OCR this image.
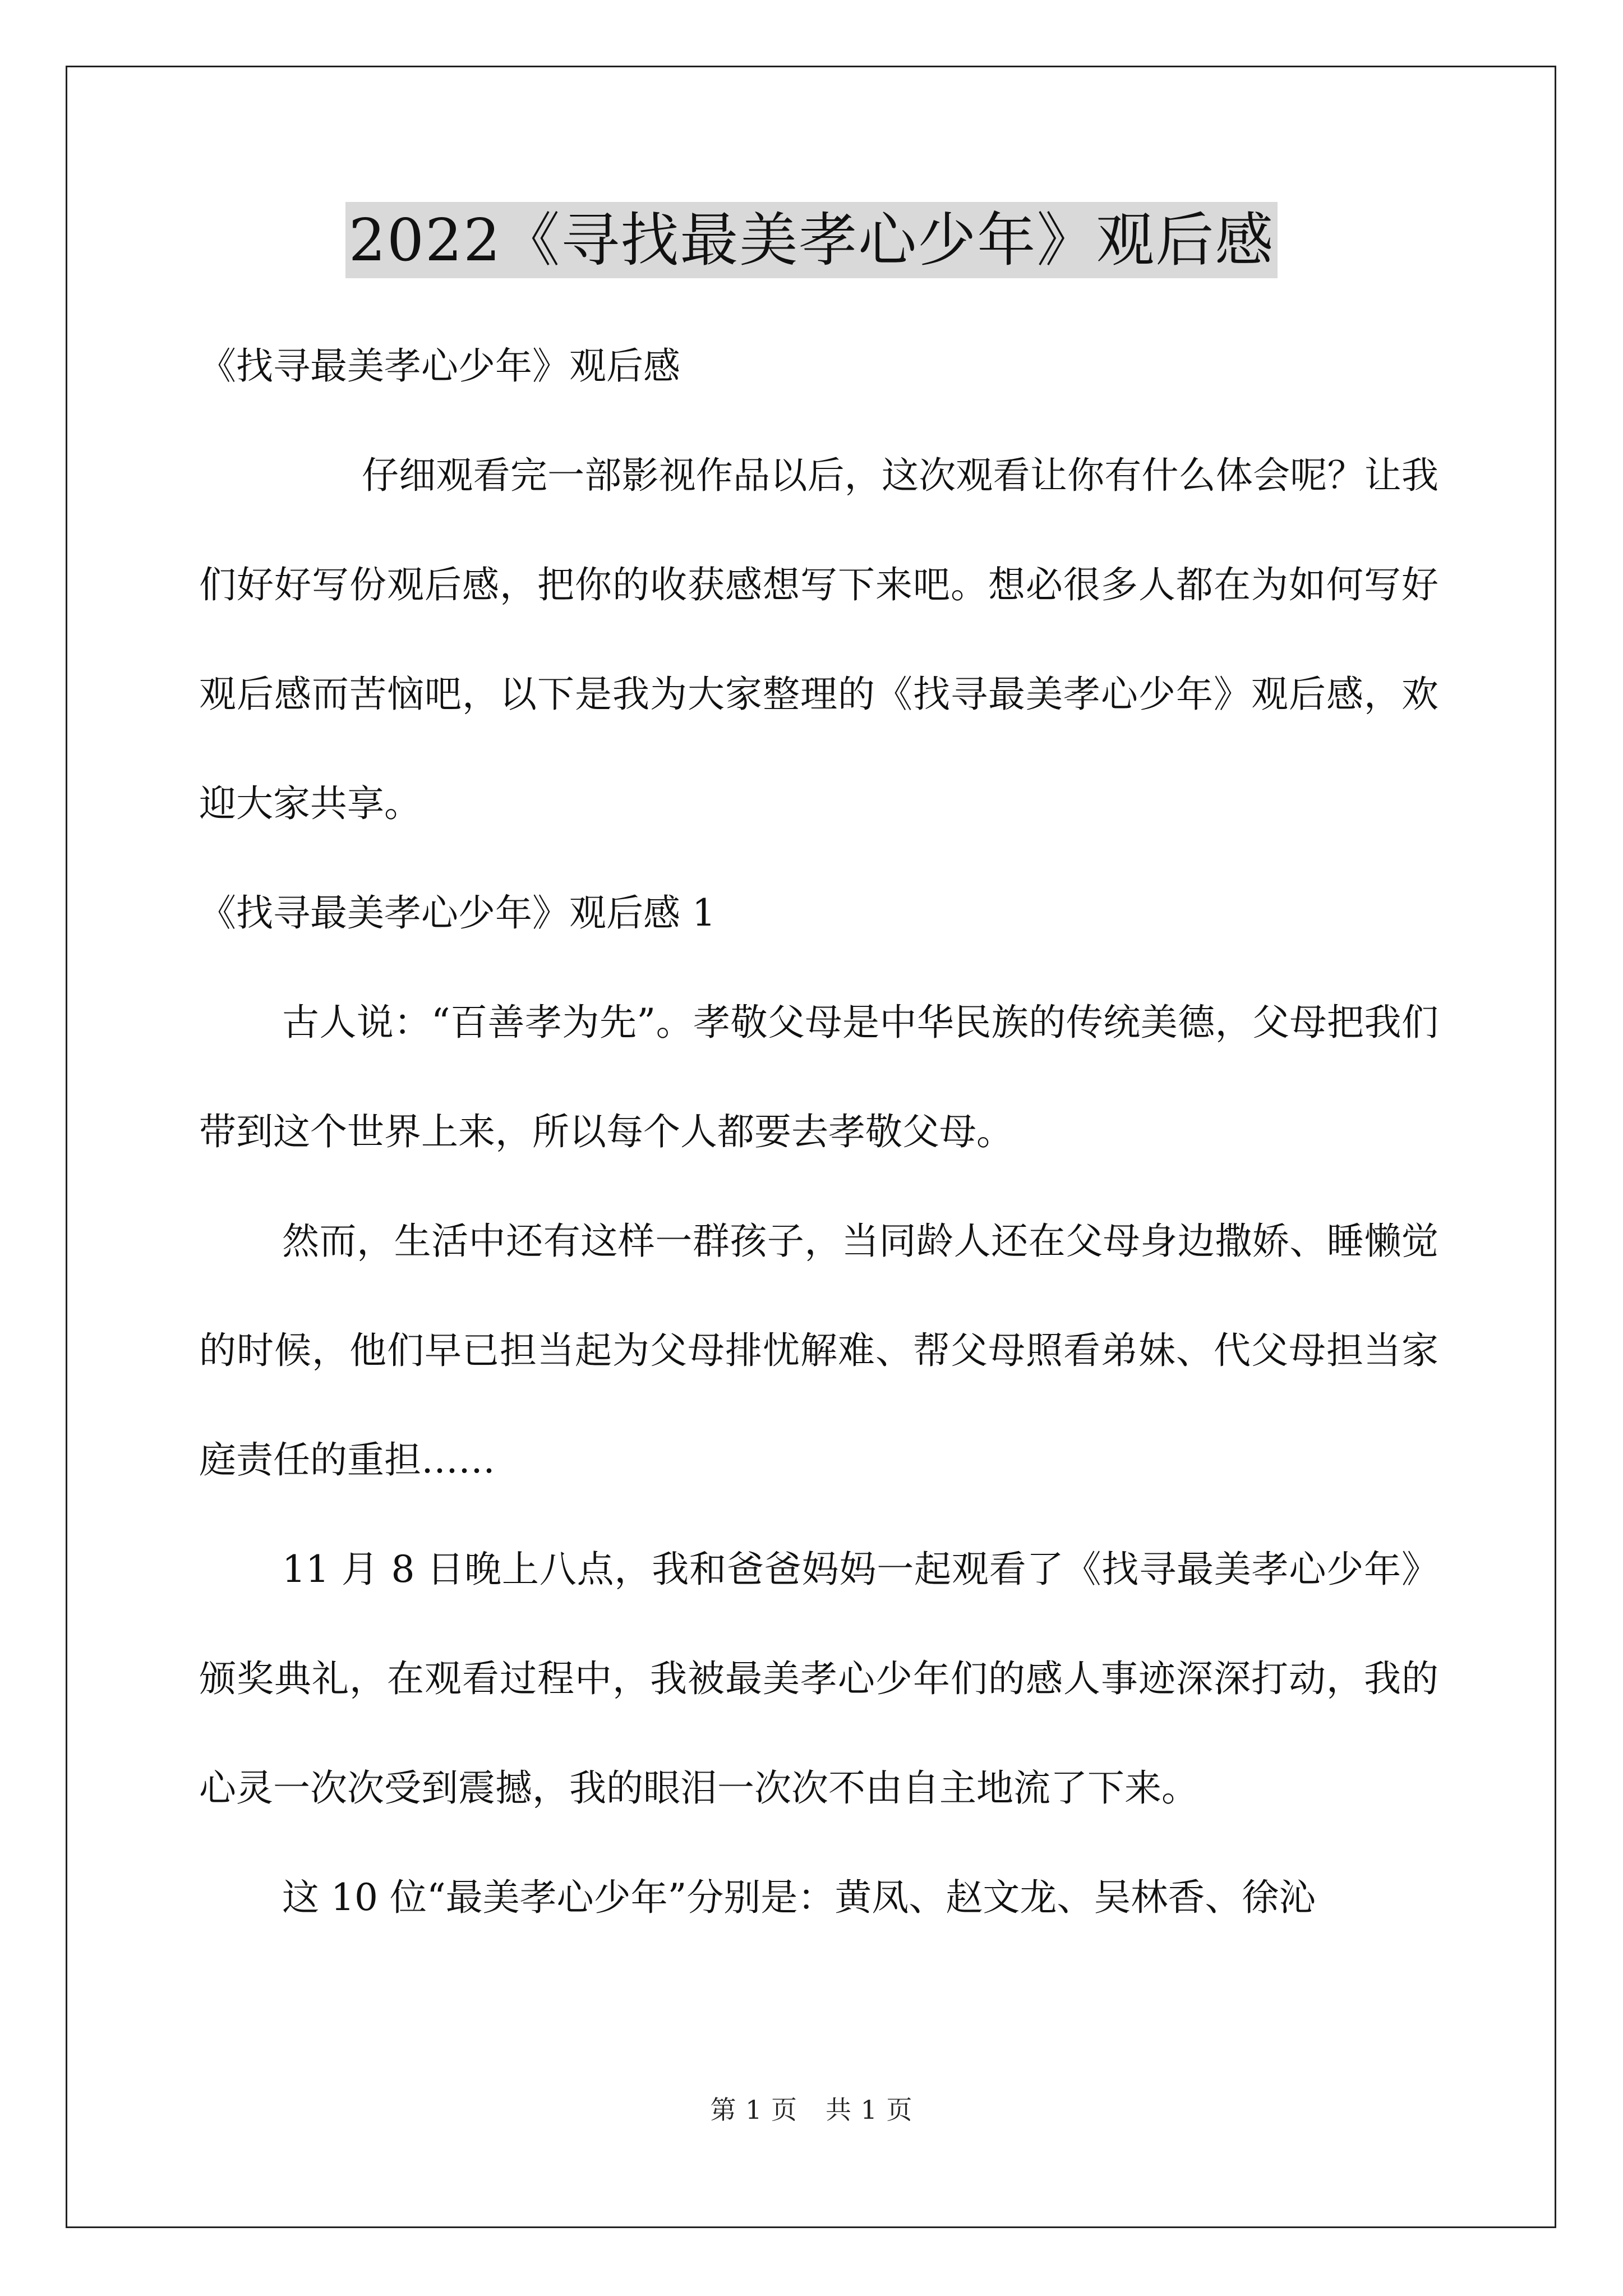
2022《寻找最美孝心少年》观后感

《找寻最美孝心少年》观后感

仔细观看完一部影视作品以后，这次观看让你有什么体会呢？让我们好好写份观后感，把你的收获感想写下来吧。想必很多人都在为如何写好观后感而苦恼吧，以下是我为大家整理的《找寻最美孝心少年》观后感，欢迎大家共享。

《找寻最美孝心少年》观后感 1

古人说：“百善孝为先”。孝敬父母是中华民族的传统美德，父母把我们带到这个世界上来，所以每个人都要去孝敬父母。

然而，生活中还有这样一群孩子，当同龄人还在父母身边撒娇、睡懒觉的时候，他们早已担当起为父母排忧解难、帮父母照看弟妹、代父母担当家庭责任的重担……

11 月 8 日晚上八点，我和爸爸妈妈一起观看了《找寻最美孝心少年》颁奖典礼，在观看过程中，我被最美孝心少年们的感人事迹深深打动，我的心灵一次次受到震撼，我的眼泪一次次不由自主地流了下来。

这 10 位“最美孝心少年”分别是：黄凤、赵文龙、吴林香、徐沁

第 1 页 共 1 页
